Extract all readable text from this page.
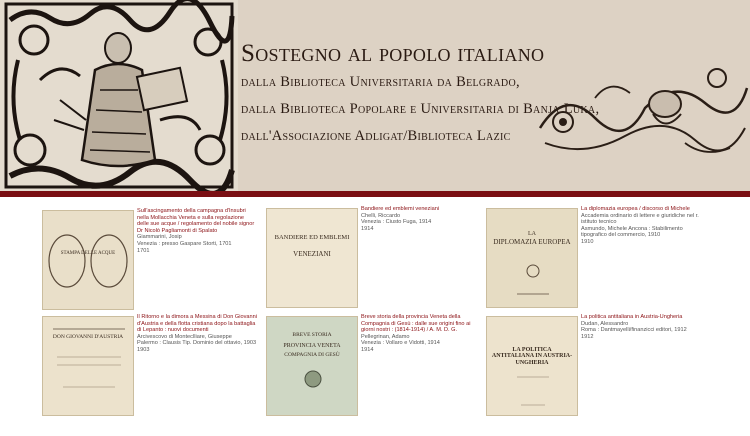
Sostegno al popolo italiano
dalla Biblioteca Universitaria da Belgrado,
dalla Biblioteca Popolare e Universitaria di Banja Luka,
dall'Associazione Adligat/Biblioteca Lazic
STAMPA DELLE ACQUE
Sull'ascingamento della campagna d'Insubri nella Mollacchia Veneta e sulla regolazione delle sue acque / regolamento del nobile signor Dr Nicolò Pagliamonti di Spalato
Giammarini, Josip
Venezia : presso Gaspare Storti, 1701
1701
BANDIERE ED EMBLEMI
VENEZIANI
Bandiere ed emblemi veneziani
Chelli, Riccardo
Venezia : Ciusto Fuga, 1914
1914
LA
DIPLOMAZIA EUROPEA
La diplomazia europea / discorso di Michele
Accademia ordinario di lettere e giuridiche nel r. istituto tecnico
Asmundo, Michele Ancona : Stabilimento tipografico del commercio, 1910
1910
DON GIOVANNI D'AUSTRIA
Il Ritorno e la dimora a Messina di Don Giovanni d'Austria e della flotta cristiana dopo la battaglia di Lepanto : nuovi documenti
Arcivescovo di Monteclliare, Giuseppe
Palermo : Clausis Tip. Dominio del ottavio, 1903
1903
BREVE STORIA
PROVINCIA VENETA
COMPAGNIA DI GESÙ
Breve storia della provincia Veneta della Compagnia di Gesù : dalle sue origini fino ai giorni nostri : (1814-1914) / A. M. D. G.
Pellegrinan, Adamo
Venezia : Vollaro e Vidotti, 1914
1914	LA POLITICA ANTITALIANA IN AUSTRIA-UNGHERIA
La politica antitaliana in Austria-Ungheria
Dudan, Alessandro
Roma : Dantmayelli/finanzicci editori, 1912
1912
